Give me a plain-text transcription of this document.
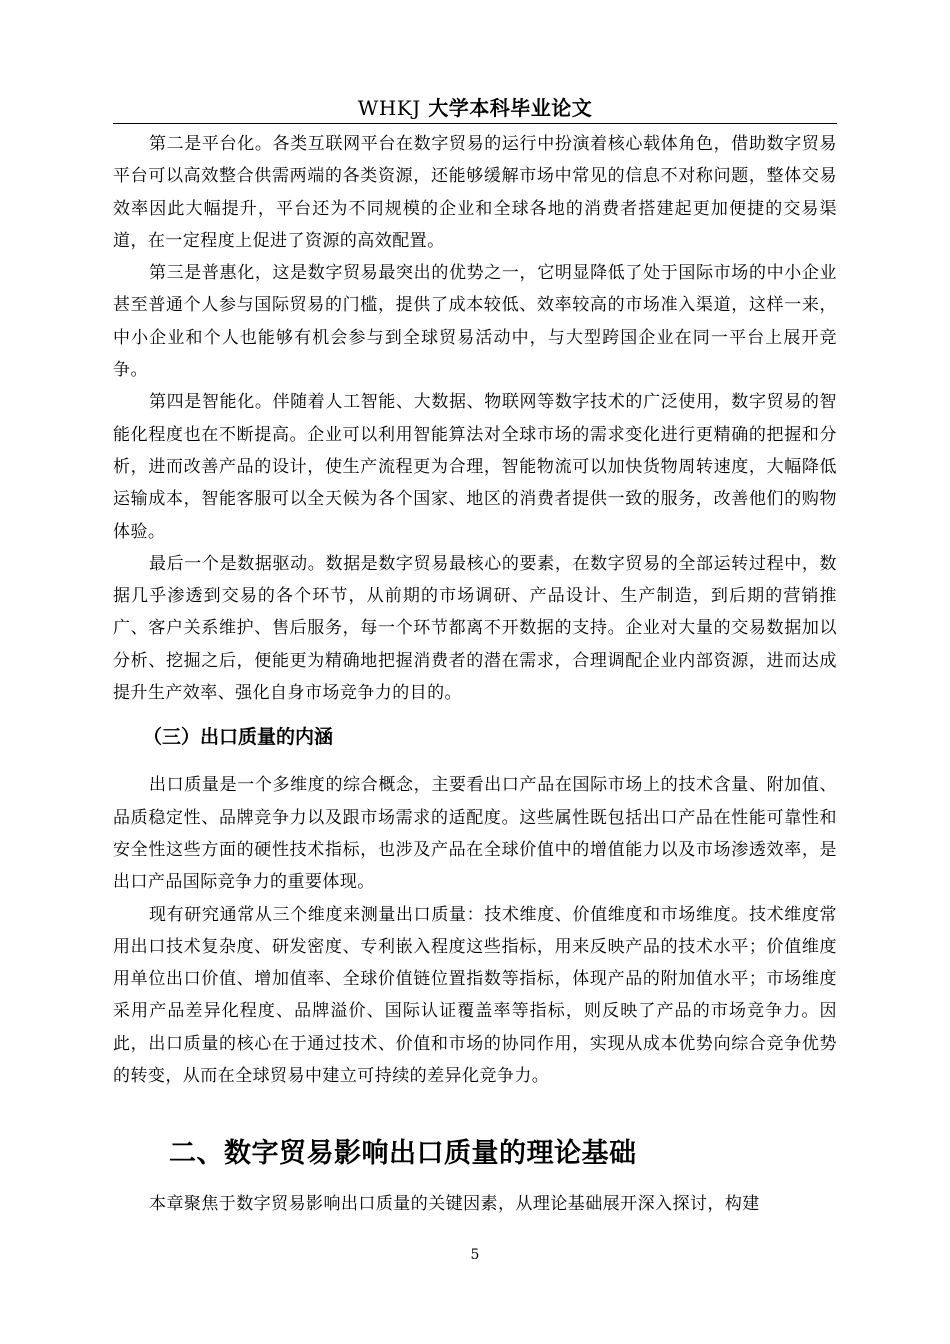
WHKJ 大学本科毕业论文

第二是平台化。各类互联网平台在数字贸易的运行中扮演着核心载体角色，借助数字贸易平台可以高效整合供需两端的各类资源，还能够缓解市场中常见的信息不对称问题，整体交易效率因此大幅提升，平台还为不同规模的企业和全球各地的消费者搭建起更加便捷的交易渠道，在一定程度上促进了资源的高效配置。

第三是普惠化，这是数字贸易最突出的优势之一，它明显降低了处于国际市场的中小企业甚至普通个人参与国际贸易的门槛，提供了成本较低、效率较高的市场准入渠道，这样一来，中小企业和个人也能够有机会参与到全球贸易活动中，与大型跨国企业在同一平台上展开竞争。

第四是智能化。伴随着人工智能、大数据、物联网等数字技术的广泛使用，数字贸易的智能化程度也在不断提高。企业可以利用智能算法对全球市场的需求变化进行更精确的把握和分析，进而改善产品的设计，使生产流程更为合理，智能物流可以加快货物周转速度，大幅降低运输成本，智能客服可以全天候为各个国家、地区的消费者提供一致的服务，改善他们的购物体验。

最后一个是数据驱动。数据是数字贸易最核心的要素，在数字贸易的全部运转过程中，数据几乎渗透到交易的各个环节，从前期的市场调研、产品设计、生产制造，到后期的营销推广、客户关系维护、售后服务，每一个环节都离不开数据的支持。企业对大量的交易数据加以分析、挖掘之后，便能更为精确地把握消费者的潜在需求，合理调配企业内部资源，进而达成提升生产效率、强化自身市场竞争力的目的。

（三）出口质量的内涵

出口质量是一个多维度的综合概念，主要看出口产品在国际市场上的技术含量、附加值、品质稳定性、品牌竞争力以及跟市场需求的适配度。这些属性既包括出口产品在性能可靠性和安全性这些方面的硬性技术指标，也涉及产品在全球价值中的增值能力以及市场渗透效率，是出口产品国际竞争力的重要体现。

现有研究通常从三个维度来测量出口质量：技术维度、价值维度和市场维度。技术维度常用出口技术复杂度、研发密度、专利嵌入程度这些指标，用来反映产品的技术水平；价值维度用单位出口价值、增加值率、全球价值链位置指数等指标，体现产品的附加值水平；市场维度采用产品差异化程度、品牌溢价、国际认证覆盖率等指标，则反映了产品的市场竞争力。因此，出口质量的核心在于通过技术、价值和市场的协同作用，实现从成本优势向综合竞争优势的转变，从而在全球贸易中建立可持续的差异化竞争力。

二、数字贸易影响出口质量的理论基础

本章聚焦于数字贸易影响出口质量的关键因素，从理论基础展开深入探讨，构建

5
